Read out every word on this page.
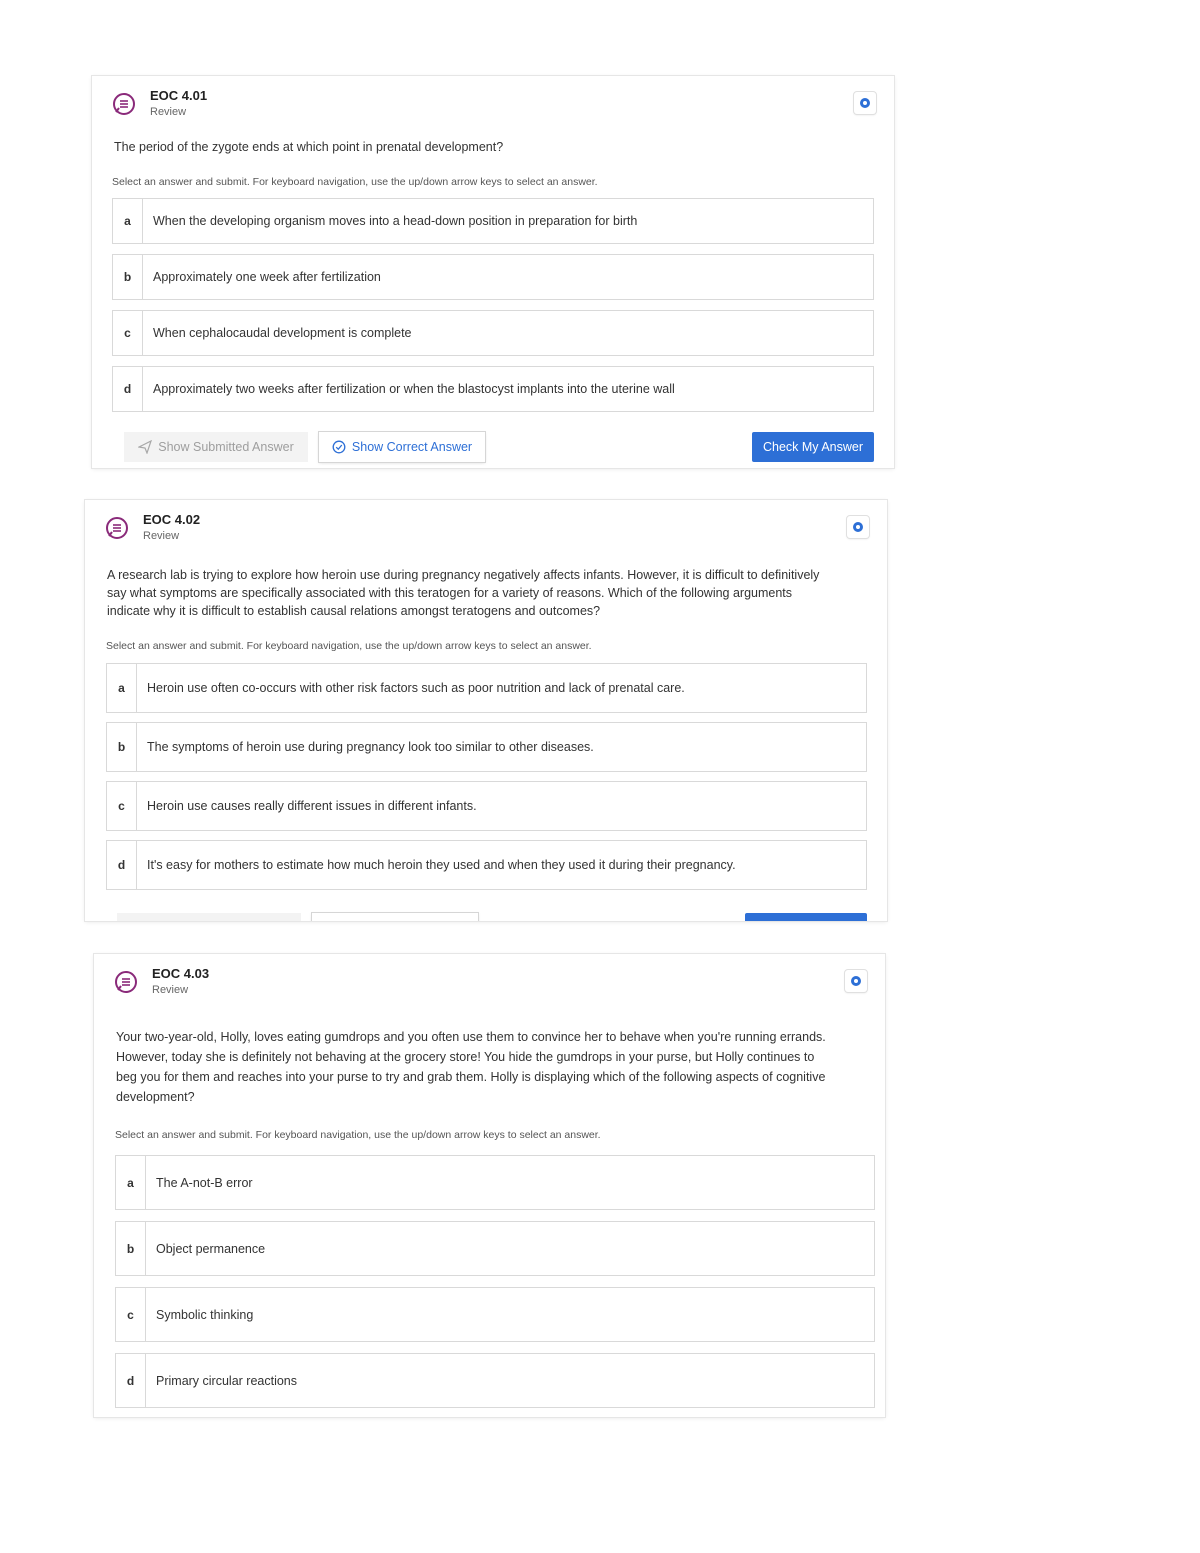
EOC 4.01
Review
The period of the zygote ends at which point in prenatal development?
Select an answer and submit. For keyboard navigation, use the up/down arrow keys to select an answer.
a	When the developing organism moves into a head-down position in preparation for birth
b	Approximately one week after fertilization
c	When cephalocaudal development is complete
d	Approximately two weeks after fertilization or when the blastocyst implants into the uterine wall
Show Submitted Answer	Show Correct Answer	Check My Answer
EOC 4.02
Review
A research lab is trying to explore how heroin use during pregnancy negatively affects infants. However, it is difficult to definitively
say what symptoms are specifically associated with this teratogen for a variety of reasons. Which of the following arguments
indicate why it is difficult to establish causal relations amongst teratogens and outcomes?
Select an answer and submit. For keyboard navigation, use the up/down arrow keys to select an answer.
a	Heroin use often co-occurs with other risk factors such as poor nutrition and lack of prenatal care.
b	The symptoms of heroin use during pregnancy look too similar to other diseases.
c	Heroin use causes really different issues in different infants.
d	It's easy for mothers to estimate how much heroin they used and when they used it during their pregnancy.
EOC 4.03
Review
Your two-year-old, Holly, loves eating gumdrops and you often use them to convince her to behave when you're running errands.
However, today she is definitely not behaving at the grocery store! You hide the gumdrops in your purse, but Holly continues to
beg you for them and reaches into your purse to try and grab them. Holly is displaying which of the following aspects of cognitive
development?
Select an answer and submit. For keyboard navigation, use the up/down arrow keys to select an answer.
a	The A-not-B error
b	Object permanence
c	Symbolic thinking
d	Primary circular reactions
